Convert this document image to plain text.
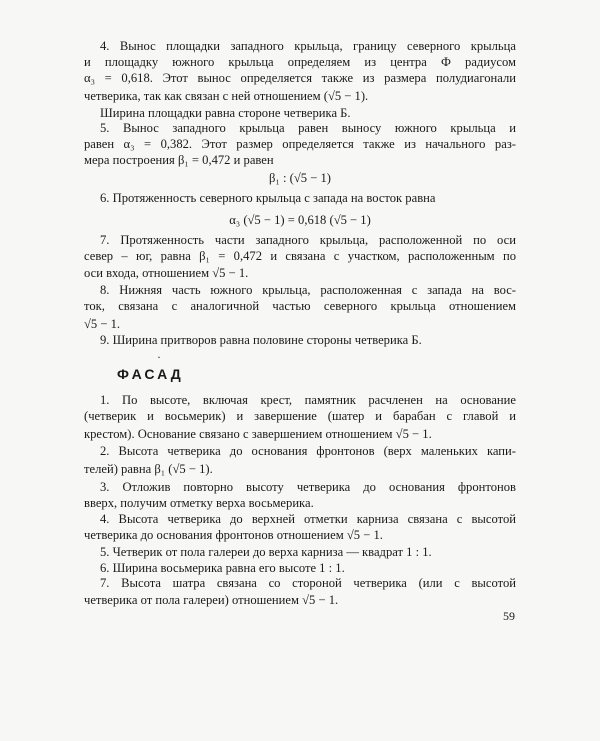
4. Вынос площадки западного крыльца, границу северного крыльца
и площадку южного крыльца определяем из центра Ф радиусом
α₃ = 0,618. Этот вынос определяется также из размера полудиагонали
четверика, так как связан с ней отношением (√5 − 1).
Ширина площадки равна стороне четверика Б.
5. Вынос западного крыльца равен выносу южного крыльца и
равен α₃ = 0,382. Этот размер определяется также из начального раз-
мера построения β₁ = 0,472 и равен
β₁ : (√5 − 1)
6. Протяженность северного крыльца с запада на восток равна
α₃ (√5 − 1) = 0,618 (√5 − 1)
7. Протяженность части западного крыльца, расположенной по оси
север – юг, равна β₁ = 0,472 и связана с участком, расположенным по
оси входа, отношением √5 − 1.
8. Нижняя часть южного крыльца, расположенная с запада на вос-
ток, связана с аналогичной частью северного крыльца отношением
√5 − 1.
9. Ширина притворов равна половине стороны четверика Б.
·
ФАСАД
1. По высоте, включая крест, памятник расчленен на основание
(четверик и восьмерик) и завершение (шатер и барабан с главой и
крестом). Основание связано с завершением отношением √5 − 1.
2. Высота четверика до основания фронтонов (верх маленьких капи-
телей) равна β₁ (√5 − 1).
3. Отложив повторно высоту четверика до основания фронтонов
вверх, получим отметку верха восьмерика.
4. Высота четверика до верхней отметки карниза связана с высотой
четверика до основания фронтонов отношением √5 − 1.
5. Четверик от пола галереи до верха карниза — квадрат 1 : 1.
6. Ширина восьмерика равна его высоте 1 : 1.
7. Высота шатра связана со стороной четверика (или с высотой
четверика от пола галереи) отношением √5 − 1.
59
